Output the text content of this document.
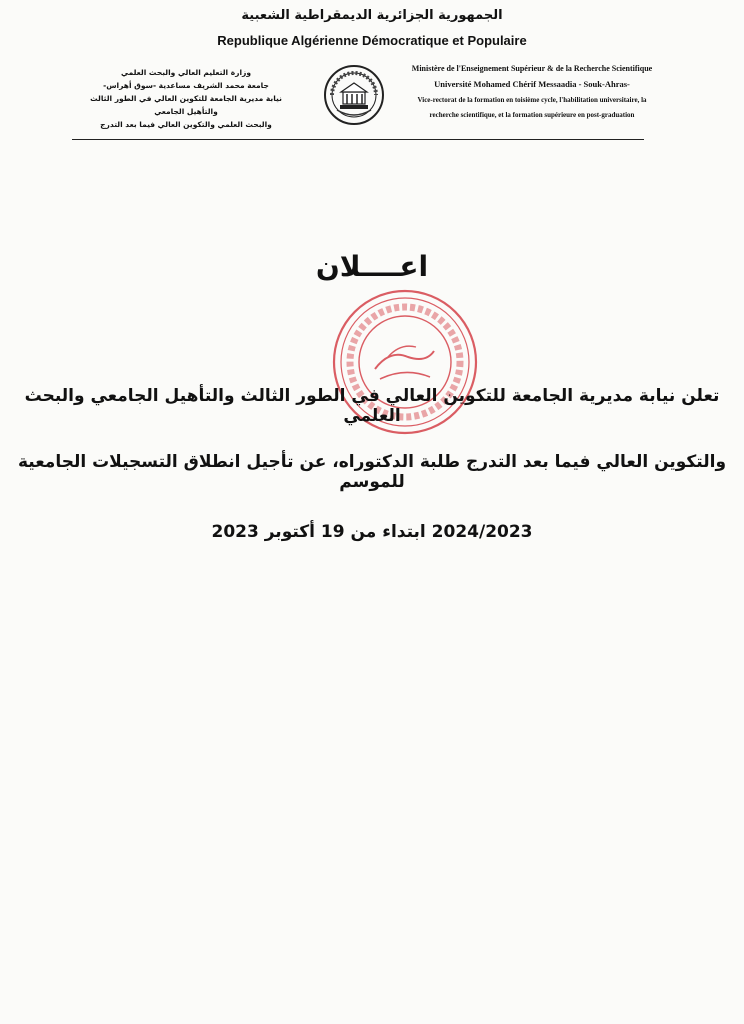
الجمهورية الجزائرية الديمقراطية الشعبية
Republique Algérienne Démocratique et Populaire
وزارة التعليم العالي والبحث العلمي
جامعة محمد الشريف مساعدية -سوق أهراس-
نيابة مديرية الجامعة للتكوين العالي في الطور الثالث والتأهيل الجامعي
والبحث العلمي والتكوين العالي فيما بعد التدرج
Ministère de l'Enseignement Supérieur & de la Recherche Scientifique
Université Mohamed Chérif Messaadia - Souk-Ahras-
Vice-rectorat de la formation en toisième cycle, l'habilitation universitaire, la
recherche scientifique, et la formation supérieure en post-graduation
اعــــلان
تعلن نيابة مديرية الجامعة للتكوين العالي في الطور الثالث والتأهيل الجامعي والبحث العلمي
والتكوين العالي فيما بعد التدرج طلبة الدكتوراه، عن تأجيل انطلاق التسجيلات الجامعية للموسم
2024/2023 ابتداء من 19 أكتوبر 2023
